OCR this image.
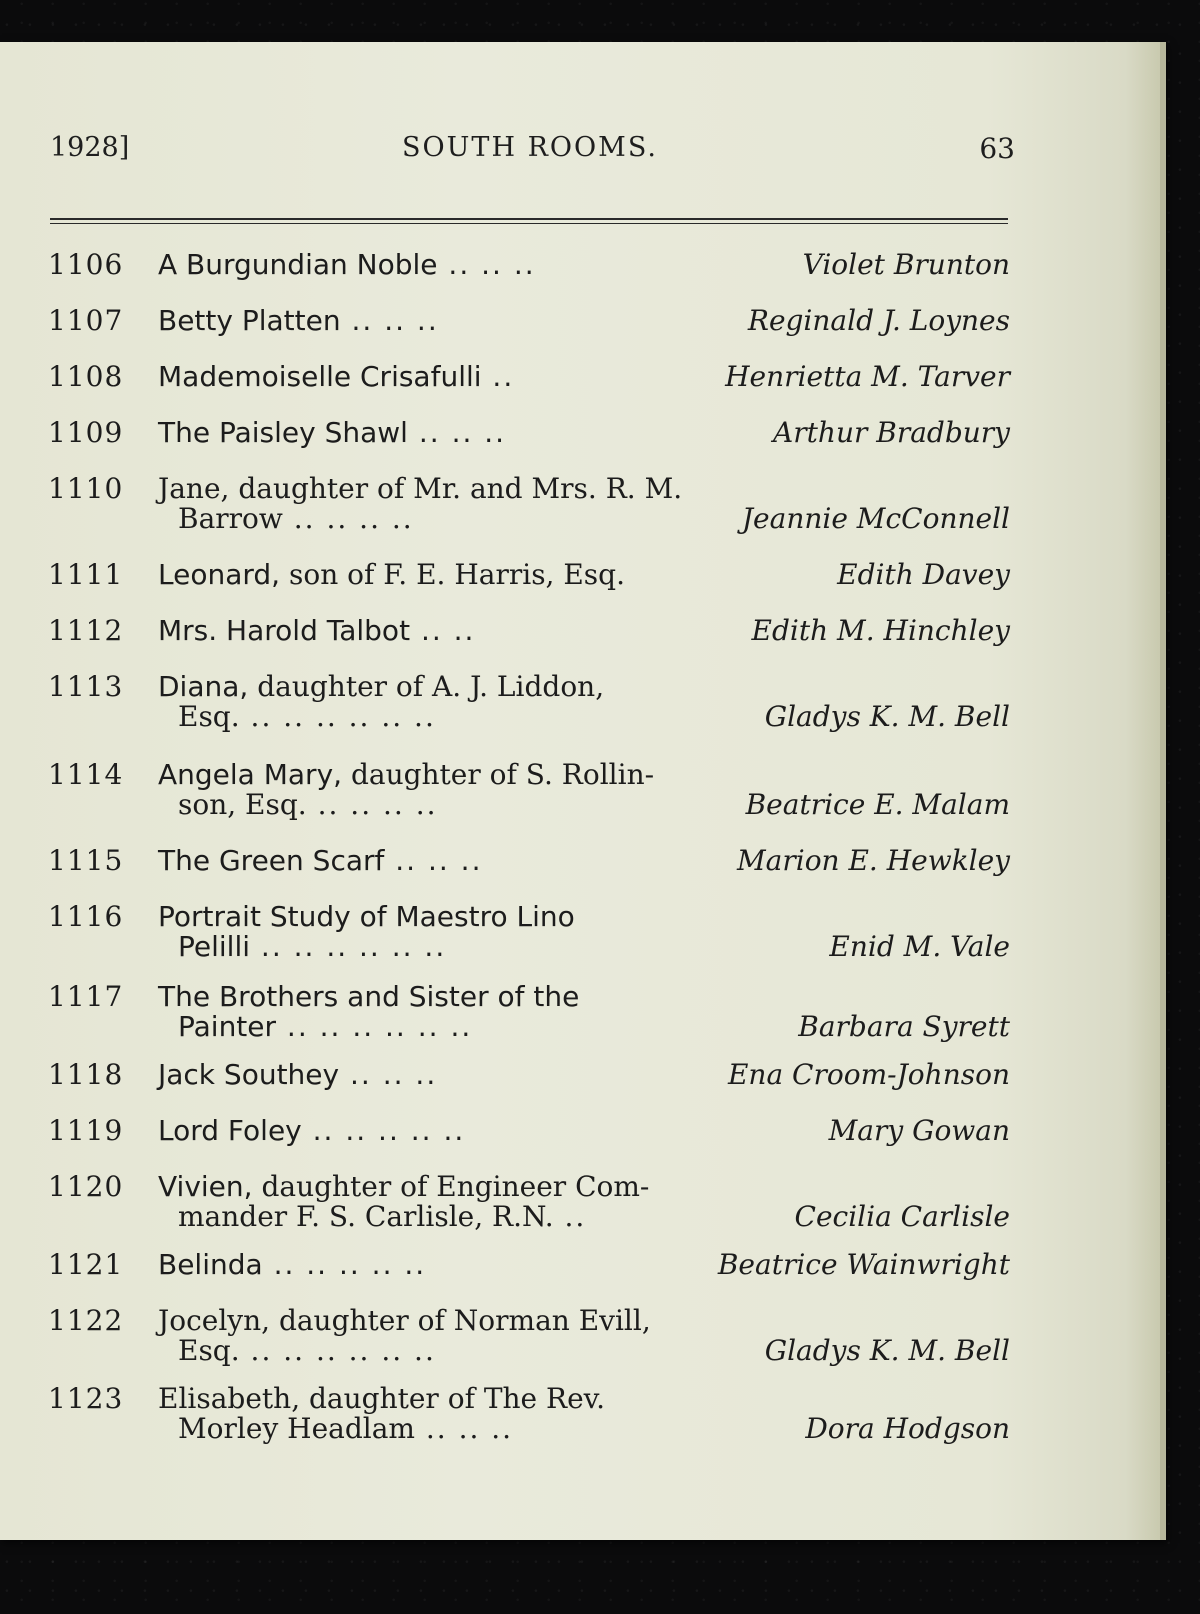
1928]	SOUTH ROOMS.	63
1106 A Burgundian Noble .. .. ..	Violet Brunton
1107 Betty Platten .. .. ..	Reginald J. Loynes
1108 Mademoiselle Crisafulli ..	Henrietta M. Tarver
1109 The Paisley Shawl .. .. ..	Arthur Bradbury
1110 Jane, daughter of Mr. and Mrs. R. M.
Barrow .. .. .. ..	Jeannie McConnell
1111 Leonard, son of F. E. Harris, Esq.	Edith Davey
1112 Mrs. Harold Talbot .. ..	Edith M. Hinchley
1113 Diana, daughter of A. J. Liddon,
Esq. .. .. .. .. .. ..	Gladys K. M. Bell
1114 Angela Mary, daughter of S. Rollin-
son, Esq. .. .. .. ..	Beatrice E. Malam
1115 The Green Scarf .. .. ..	Marion E. Hewkley
1116 Portrait Study of Maestro Lino
Pelilli .. .. .. .. .. ..	Enid M. Vale
1117 The Brothers and Sister of the
Painter .. .. .. .. .. ..	Barbara Syrett
1118 Jack Southey .. .. ..	Ena Croom-Johnson
1119 Lord Foley .. .. .. .. ..	Mary Gowan
1120 Vivien, daughter of Engineer Com-
mander F. S. Carlisle, R.N. ..	Cecilia Carlisle
1121 Belinda .. .. .. .. ..	Beatrice Wainwright
1122 Jocelyn, daughter of Norman Evill,
Esq. .. .. .. .. .. ..	Gladys K. M. Bell
1123 Elisabeth, daughter of The Rev.
Morley Headlam .. .. ..	Dora Hodgson
